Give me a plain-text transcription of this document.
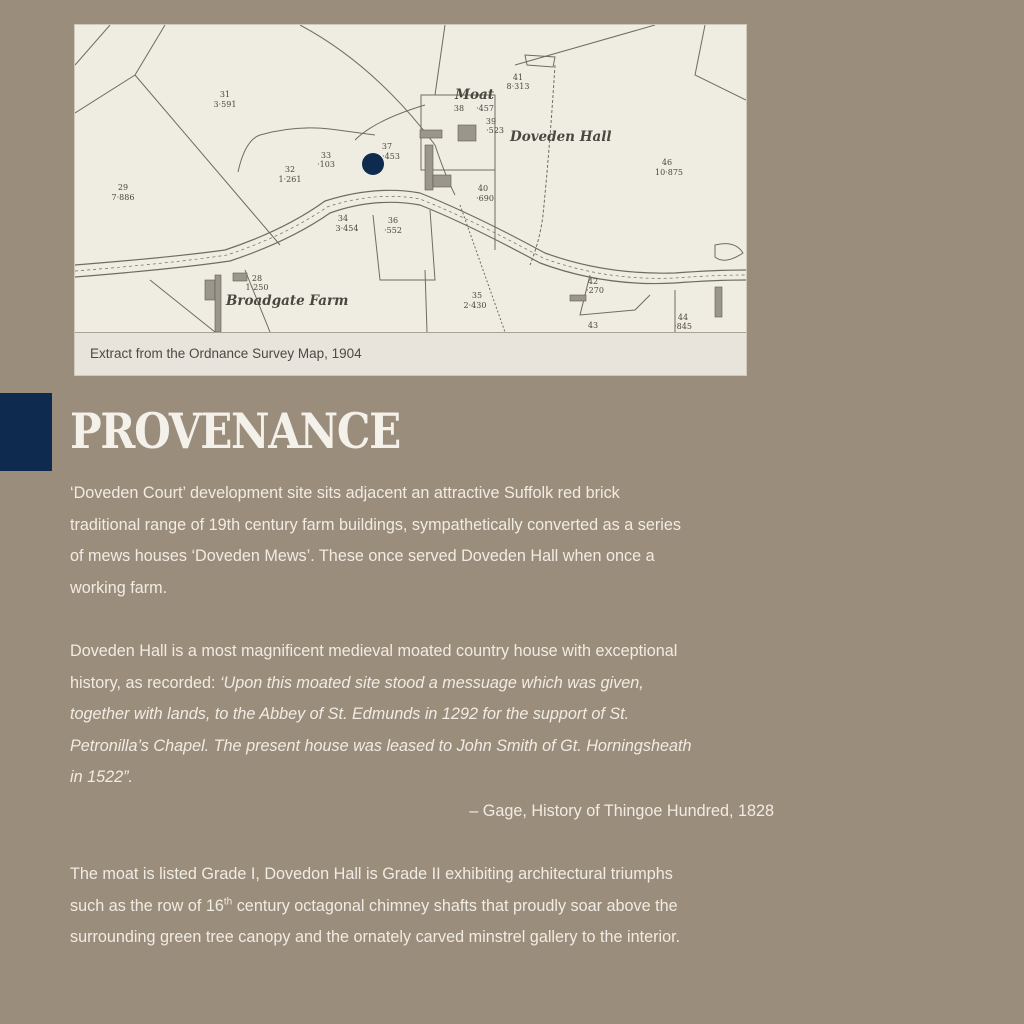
31
3·591
29
7·886
32
1·261
33
·103
37
·453
34
3·454
36
·552
28
1·250
41
8·313
38 ·457
39
·523
46
10·875
40
·690
35
2·430
42
·270
43
44
·845
Moat
Doveden Hall
Broadgate Farm
Extract from the Ordnance Survey Map, 1904
PROVENANCE
‘Doveden Court’ development site sits adjacent an attractive Suffolk red brick
traditional range of 19th century farm buildings, sympathetically converted as a series
of mews houses ‘Doveden Mews’. These once served Doveden Hall when once a
working farm.
Doveden Hall is a most magnificent medieval moated country house with exceptional
history, as recorded: ‘Upon this moated site stood a messuage which was given,
together with lands, to the Abbey of St. Edmunds in 1292 for the support of St.
Petronilla’s Chapel. The present house was leased to John Smith of Gt. Horningsheath
in 1522”.
– Gage, History of Thingoe Hundred, 1828
The moat is listed Grade I, Dovedon Hall is Grade II exhibiting architectural triumphs
such as the row of 16th century octagonal chimney shafts that proudly soar above the
surrounding green tree canopy and the ornately carved minstrel gallery to the interior.
